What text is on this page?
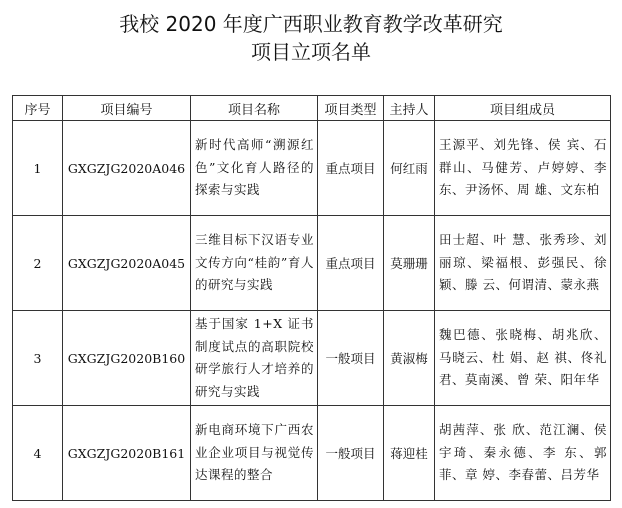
我校 2020 年度广西职业教育教学改革研究
项目立项名单
序号	项目编号	项目名称	项目类型	主持人	项目组成员
1	GXGZJG2020A046	新时代高师“溯源红色”文化育人路径的探索与实践	重点项目	何红雨	王源平、刘先锋、侯 宾、石群山、马健芳、卢婷婷、李 东、尹汤怀、周 雄、文东柏
2	GXGZJG2020A045	三维目标下汉语专业文传方向“桂韵”育人的研究与实践	重点项目	莫珊珊	田士超、叶 慧、张秀珍、刘丽琼、梁福根、彭强民、徐 颖、滕 云、何谓清、蒙永燕
3	GXGZJG2020B160	基于国家 1+X 证书制度试点的高职院校研学旅行人才培养的研究与实践	一般项目	黄淑梅	魏巴德、张晓梅、胡兆欣、马晓云、杜 娟、赵 祺、佟礼君、莫南溪、曾 荣、阳年华
4	GXGZJG2020B161	新电商环境下广西农业企业项目与视觉传达课程的整合	一般项目	蒋迎桂	胡茜萍、张 欣、范江澜、侯宇琦、秦永德、李 东、郭 菲、章 婷、李春蕾、吕芳华
